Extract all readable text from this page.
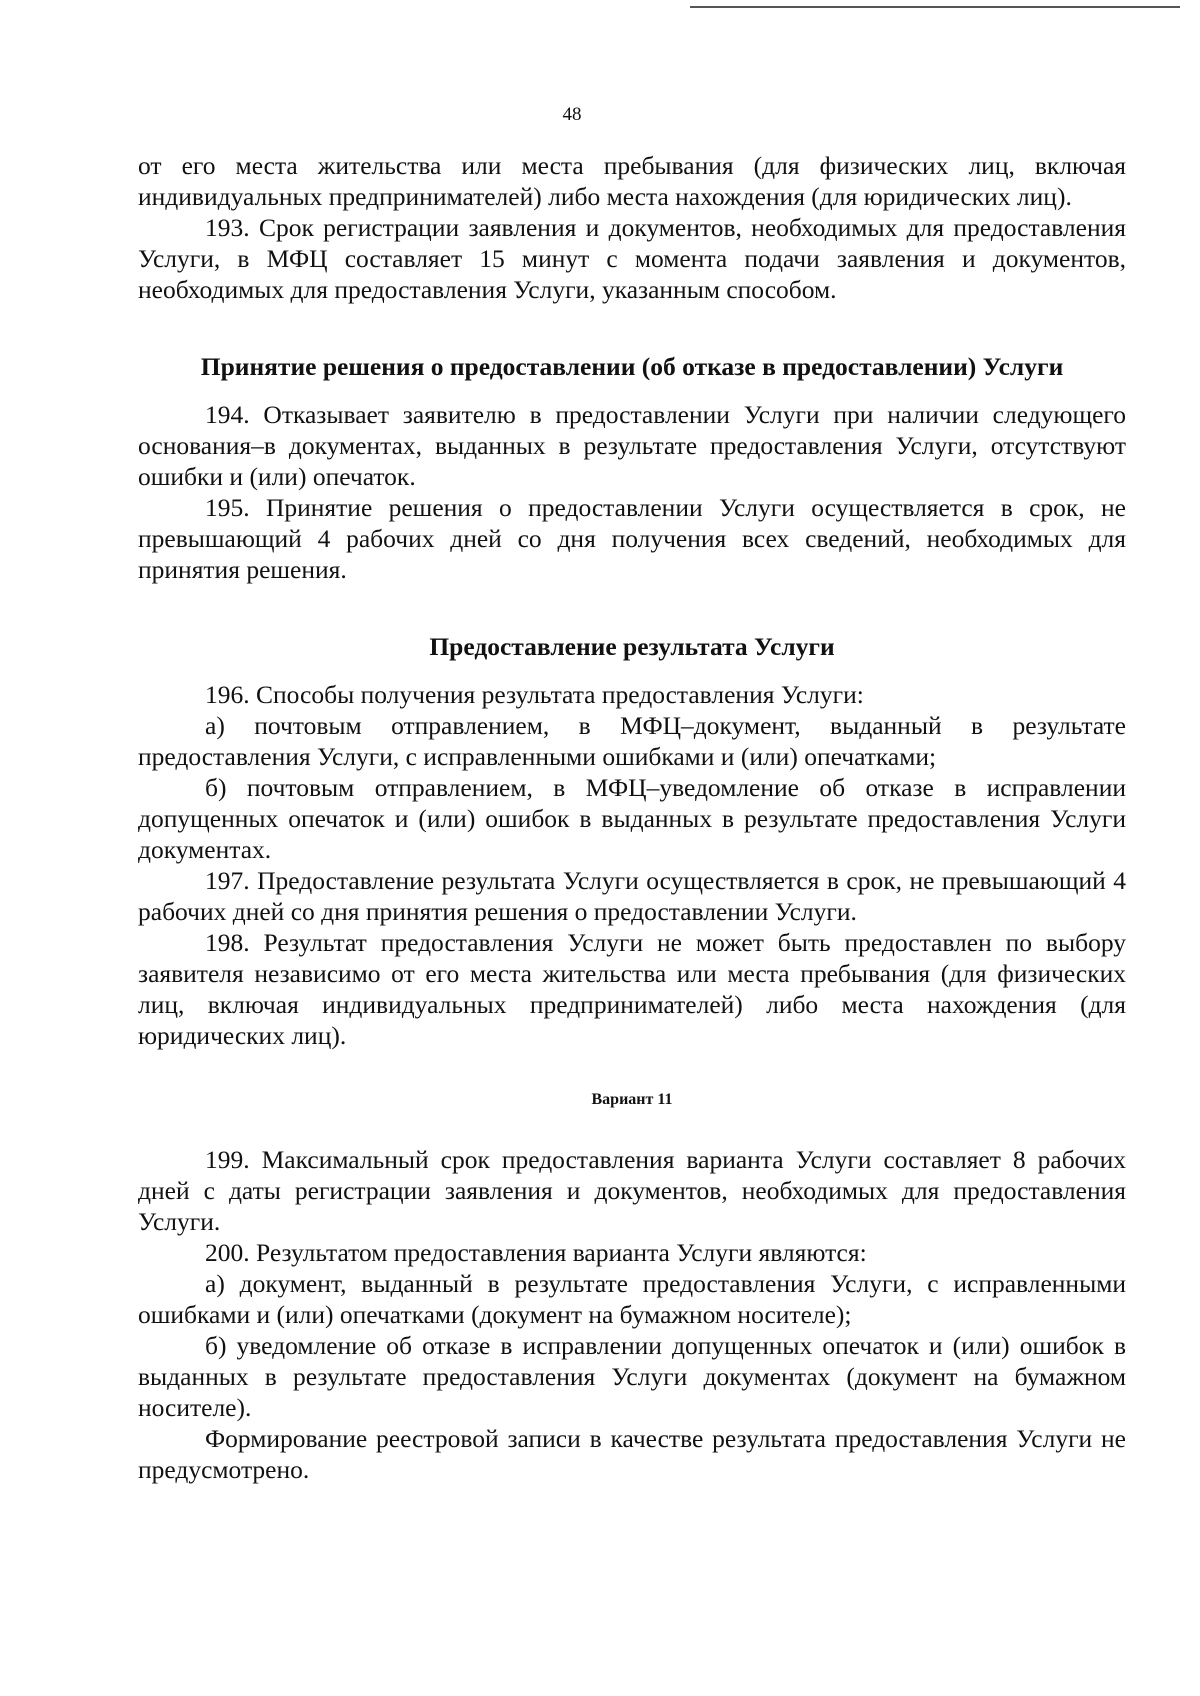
48

от его места жительства или места пребывания (для физических лиц, включая индивидуальных предпринимателей) либо места нахождения (для юридических лиц).

193. Срок регистрации заявления и документов, необходимых для предоставления Услуги, в МФЦ составляет 15 минут с момента подачи заявления и документов, необходимых для предоставления Услуги, указанным способом.

Принятие решения о предоставлении (об отказе в предоставлении) Услуги

194. Отказывает заявителю в предоставлении Услуги при наличии следующего основания–в документах, выданных в результате предоставления Услуги, отсутствуют ошибки и (или) опечаток.

195. Принятие решения о предоставлении Услуги осуществляется в срок, не превышающий 4 рабочих дней со дня получения всех сведений, необходимых для принятия решения.

Предоставление результата Услуги

196. Способы получения результата предоставления Услуги:

а) почтовым отправлением, в МФЦ–документ, выданный в результате предоставления Услуги, с исправленными ошибками и (или) опечатками;

б) почтовым отправлением, в МФЦ–уведомление об отказе в исправлении допущенных опечаток и (или) ошибок в выданных в результате предоставления Услуги документах.

197. Предоставление результата Услуги осуществляется в срок, не превышающий 4 рабочих дней со дня принятия решения о предоставлении Услуги.

198. Результат предоставления Услуги не может быть предоставлен по выбору заявителя независимо от его места жительства или места пребывания (для физических лиц, включая индивидуальных предпринимателей) либо места нахождения (для юридических лиц).

Вариант 11

199. Максимальный срок предоставления варианта Услуги составляет 8 рабочих дней с даты регистрации заявления и документов, необходимых для предоставления Услуги.

200. Результатом предоставления варианта Услуги являются:

а) документ, выданный в результате предоставления Услуги, с исправленными ошибками и (или) опечатками (документ на бумажном носителе);

б) уведомление об отказе в исправлении допущенных опечаток и (или) ошибок в выданных в результате предоставления Услуги документах (документ на бумажном носителе).

Формирование реестровой записи в качестве результата предоставления Услуги не предусмотрено.
